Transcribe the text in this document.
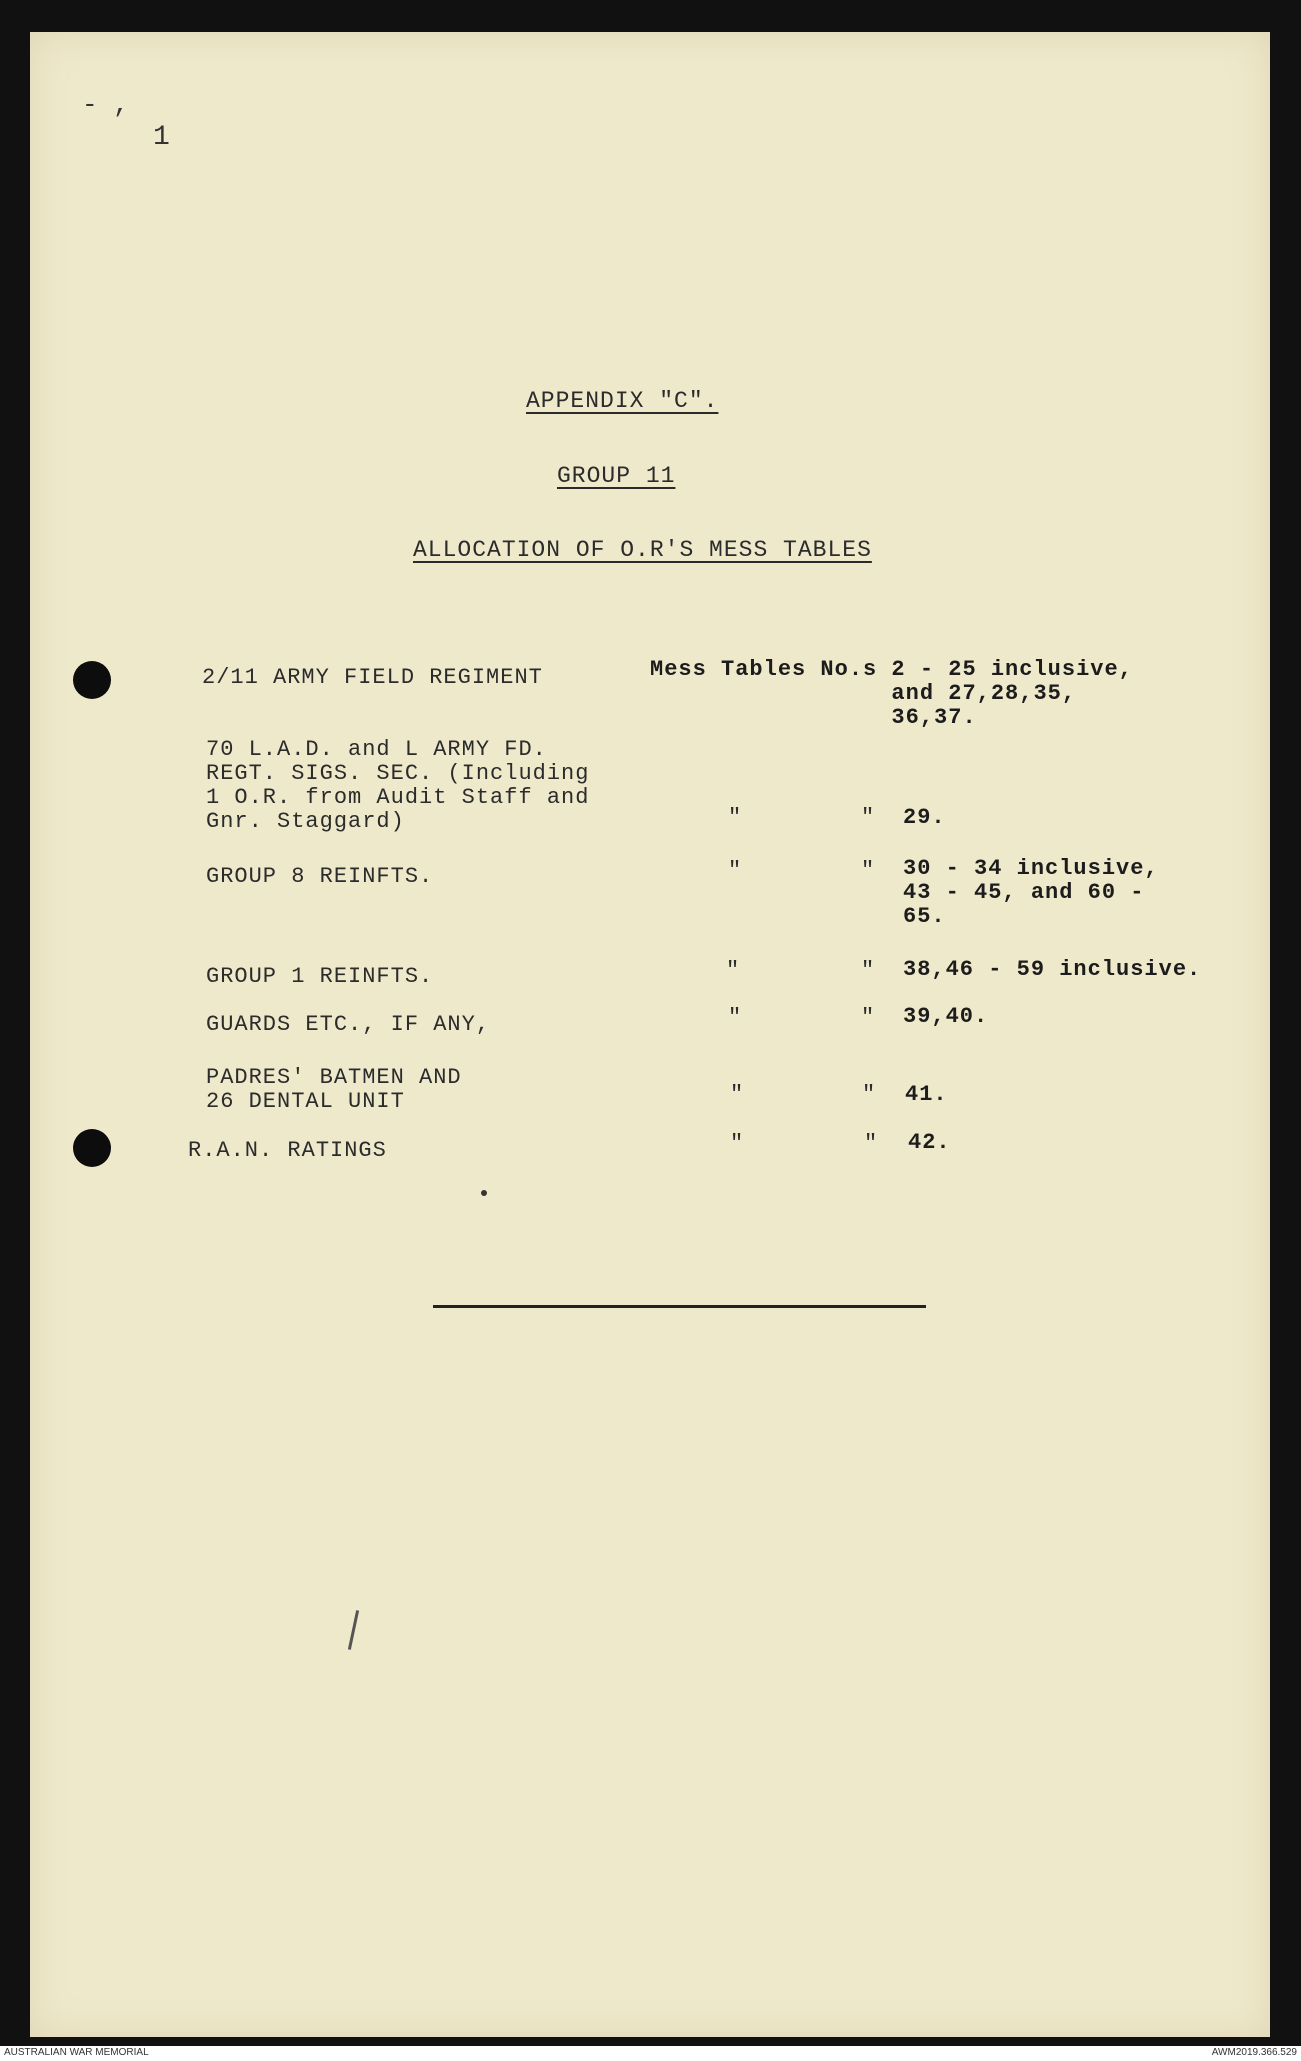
- ,
1
APPENDIX "C".
GROUP 11
ALLOCATION OF O.R'S MESS TABLES
2/11 ARMY FIELD REGIMENT	Mess Tables No.s 2 - 25 inclusive,
and 27,28,35,
36,37.
70 L.A.D. and L ARMY FD.
REGT. SIGS. SEC. (Including
1 O.R. from Audit Staff and
Gnr. Staggard)	"	" 29.
GROUP 8 REINFTS.	"	" 30 - 34 inclusive,
43 - 45, and 60 -
65.
GROUP 1 REINFTS.	"	" 38,46 - 59 inclusive.
GUARDS ETC., IF ANY,	"	" 39,40.
PADRES' BATMEN AND
26 DENTAL UNIT	"	" 41.
R.A.N. RATINGS	"	" 42.
AUSTRALIAN WAR MEMORIAL	AWM2019.366.529
